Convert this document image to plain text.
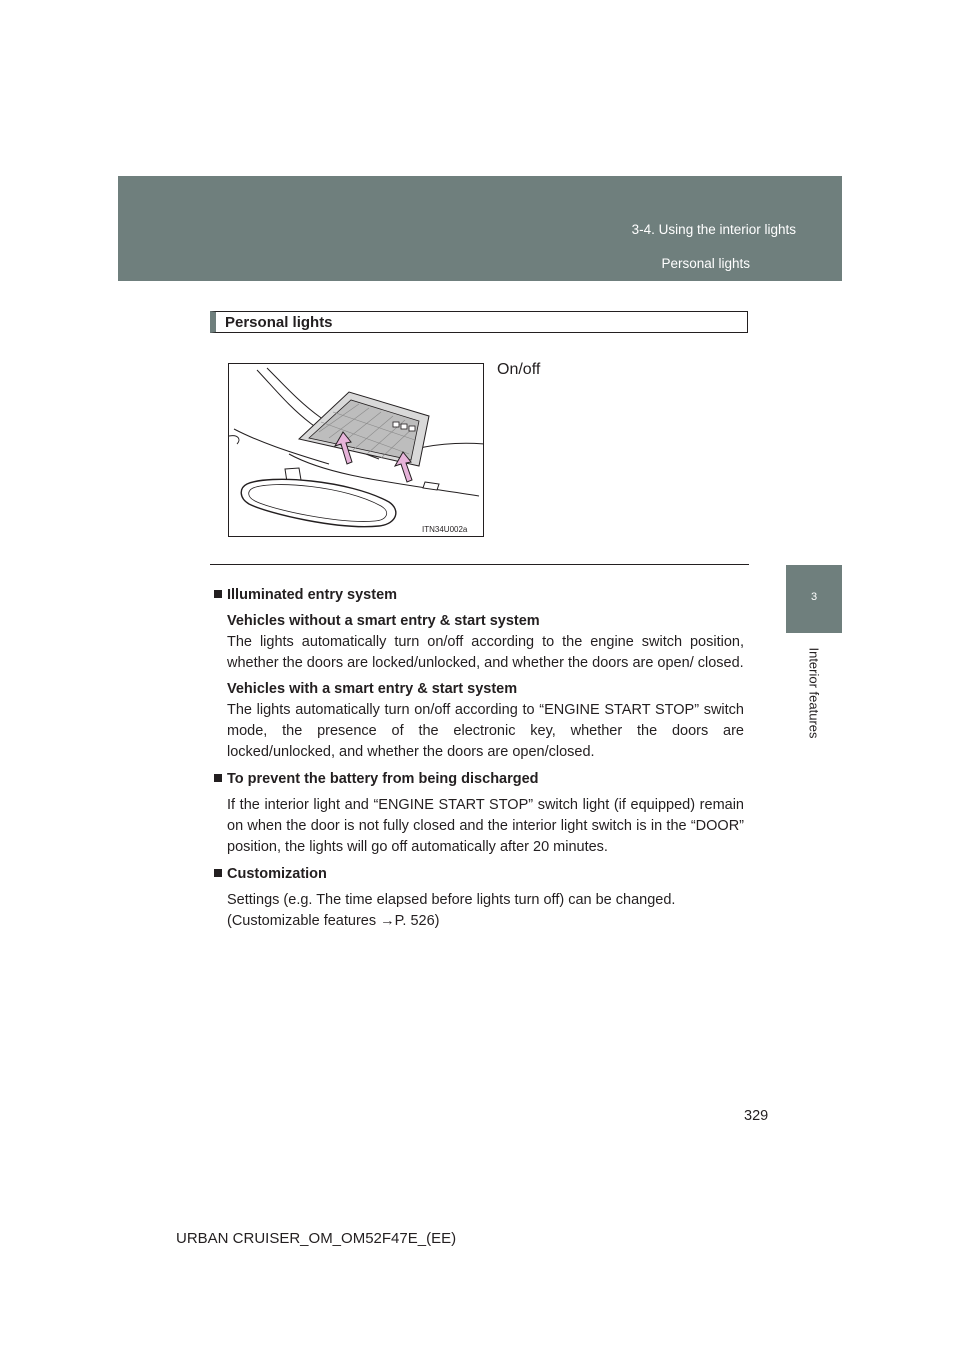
3-4. Using the interior lights
Personal lights
3
Interior features
Personal lights
ITN34U002a
On/off

Illuminated entry system

Vehicles without a smart entry & start system
The lights automatically turn on/off according to the engine switch position, whether the doors are locked/unlocked, and whether the doors are open/ closed.

Vehicles with a smart entry & start system
The lights automatically turn on/off according to “ENGINE START STOP” switch mode, the presence of the electronic key, whether the doors are locked/unlocked, and whether the doors are open/closed.

To prevent the battery from being discharged

If the interior light and “ENGINE START STOP” switch light (if equipped) remain on when the door is not fully closed and the interior light switch is in the “DOOR” position, the lights will go off automatically after 20 minutes.

Customization

Settings (e.g. The time elapsed before lights turn off) can be changed.
(Customizable features →P. 526)

329
URBAN CRUISER_OM_OM52F47E_(EE)
